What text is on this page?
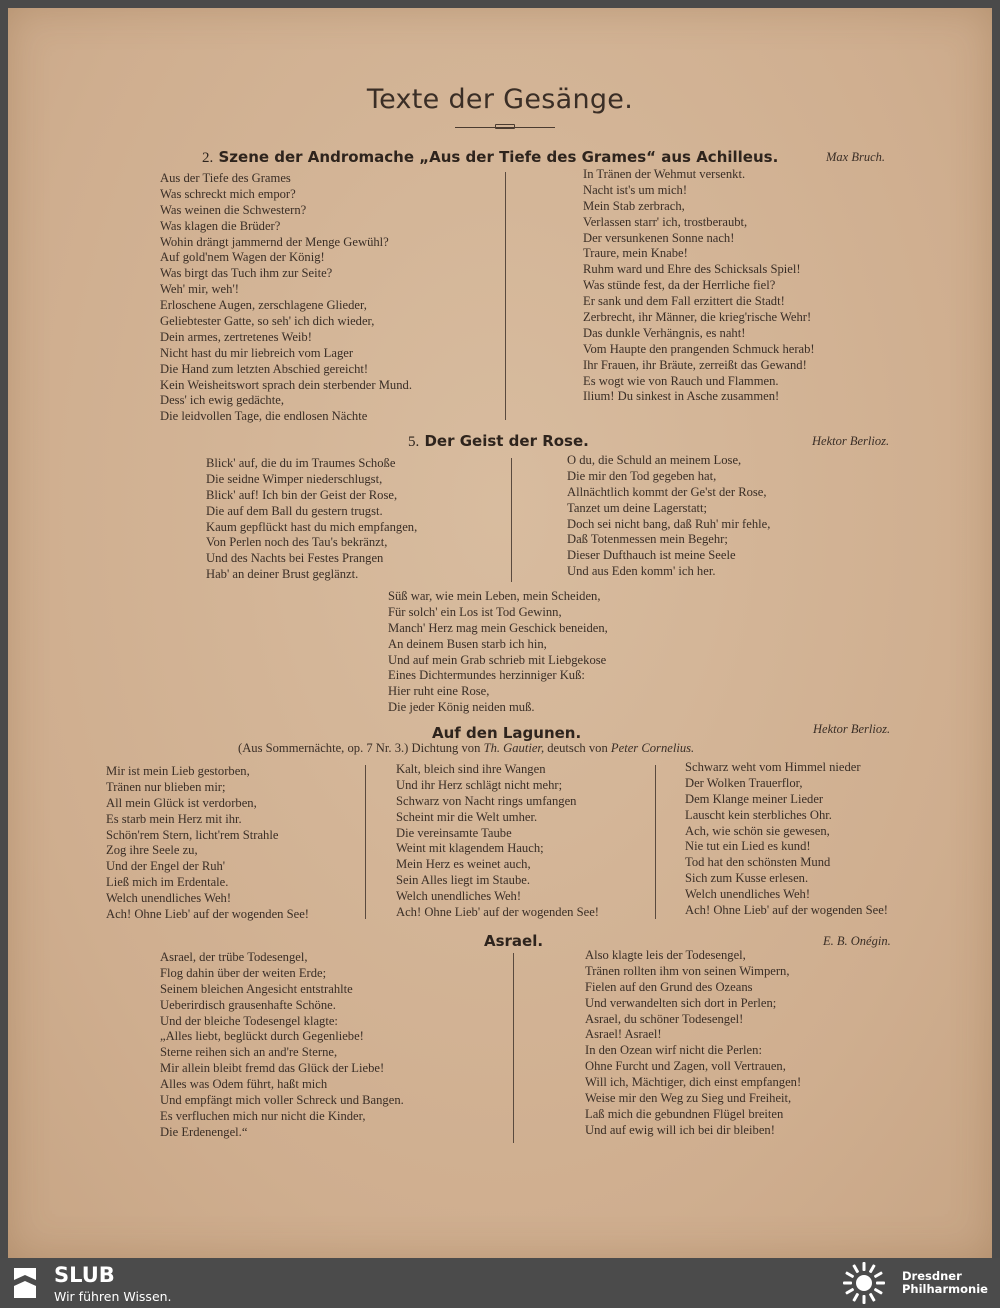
Texte der Gesänge.
2. Szene der Andromache „Aus der Tiefe des Grames“ aus Achilleus.	Max Bruch.
Aus der Tiefe des Grames
Was schreckt mich empor?
Was weinen die Schwestern?
Was klagen die Brüder?
Wohin drängt jammernd der Menge Gewühl?
Auf gold'nem Wagen der König!
Was birgt das Tuch ihm zur Seite?
Weh' mir, weh'!
Erloschene Augen, zerschlagene Glieder,
Geliebtester Gatte, so seh' ich dich wieder,
Dein armes, zertretenes Weib!
Nicht hast du mir liebreich vom Lager
Die Hand zum letzten Abschied gereicht!
Kein Weisheitswort sprach dein sterbender Mund.
Dess' ich ewig gedächte,
Die leidvollen Tage, die endlosen Nächte
In Tränen der Wehmut versenkt.
Nacht ist's um mich!
Mein Stab zerbrach,
Verlassen starr' ich, trostberaubt,
Der versunkenen Sonne nach!
Traure, mein Knabe!
Ruhm ward und Ehre des Schicksals Spiel!
Was stünde fest, da der Herrliche fiel?
Er sank und dem Fall erzittert die Stadt!
Zerbrecht, ihr Männer, die krieg'rische Wehr!
Das dunkle Verhängnis, es naht!
Vom Haupte den prangenden Schmuck herab!
Ihr Frauen, ihr Bräute, zerreißt das Gewand!
Es wogt wie von Rauch und Flammen.
Ilium! Du sinkest in Asche zusammen!
5. Der Geist der Rose.	Hektor Berlioz.
Blick' auf, die du im Traumes Schoße
Die seidne Wimper niederschlugst,
Blick' auf! Ich bin der Geist der Rose,
Die auf dem Ball du gestern trugst.
Kaum gepflückt hast du mich empfangen,
Von Perlen noch des Tau's bekränzt,
Und des Nachts bei Festes Prangen
Hab' an deiner Brust geglänzt.
O du, die Schuld an meinem Lose,
Die mir den Tod gegeben hat,
Allnächtlich kommt der Ge'st der Rose,
Tanzet um deine Lagerstatt;
Doch sei nicht bang, daß Ruh' mir fehle,
Daß Totenmessen mein Begehr;
Dieser Dufthauch ist meine Seele
Und aus Eden komm' ich her.
Süß war, wie mein Leben, mein Scheiden,
Für solch' ein Los ist Tod Gewinn,
Manch' Herz mag mein Geschick beneiden,
An deinem Busen starb ich hin,
Und auf mein Grab schrieb mit Liebgekose
Eines Dichtermundes herzinniger Kuß:
Hier ruht eine Rose,
Die jeder König neiden muß.
Auf den Lagunen.	Hektor Berlioz.
(Aus Sommernächte, op. 7 Nr. 3.) Dichtung von Th. Gautier, deutsch von Peter Cornelius.
Mir ist mein Lieb gestorben,
Tränen nur blieben mir;
All mein Glück ist verdorben,
Es starb mein Herz mit ihr.
Schön'rem Stern, licht'rem Strahle
Zog ihre Seele zu,
Und der Engel der Ruh'
Ließ mich im Erdentale.
Welch unendliches Weh!
Ach! Ohne Lieb' auf der wogenden See!
Kalt, bleich sind ihre Wangen
Und ihr Herz schlägt nicht mehr;
Schwarz von Nacht rings umfangen
Scheint mir die Welt umher.
Die vereinsamte Taube
Weint mit klagendem Hauch;
Mein Herz es weinet auch,
Sein Alles liegt im Staube.
Welch unendliches Weh!
Ach! Ohne Lieb' auf der wogenden See!
Schwarz weht vom Himmel nieder
Der Wolken Trauerflor,
Dem Klange meiner Lieder
Lauscht kein sterbliches Ohr.
Ach, wie schön sie gewesen,
Nie tut ein Lied es kund!
Tod hat den schönsten Mund
Sich zum Kusse erlesen.
Welch unendliches Weh!
Ach! Ohne Lieb' auf der wogenden See!
Asrael.	E. B. Onégin.
Asrael, der trübe Todesengel,
Flog dahin über der weiten Erde;
Seinem bleichen Angesicht entstrahlte
Ueberirdisch grausenhafte Schöne.
Und der bleiche Todesengel klagte:
„Alles liebt, beglückt durch Gegenliebe!
Sterne reihen sich an and're Sterne,
Mir allein bleibt fremd das Glück der Liebe!
Alles was Odem führt, haßt mich
Und empfängt mich voller Schreck und Bangen.
Es verfluchen mich nur nicht die Kinder,
Die Erdenengel.“
Also klagte leis der Todesengel,
Tränen rollten ihm von seinen Wimpern,
Fielen auf den Grund des Ozeans
Und verwandelten sich dort in Perlen;
Asrael, du schöner Todesengel!
Asrael! Asrael!
In den Ozean wirf nicht die Perlen:
Ohne Furcht und Zagen, voll Vertrauen,
Will ich, Mächtiger, dich einst empfangen!
Weise mir den Weg zu Sieg und Freiheit,
Laß mich die gebundnen Flügel breiten
Und auf ewig will ich bei dir bleiben!
SLUB
Wir führen Wissen.
Dresdner
Philharmonie
